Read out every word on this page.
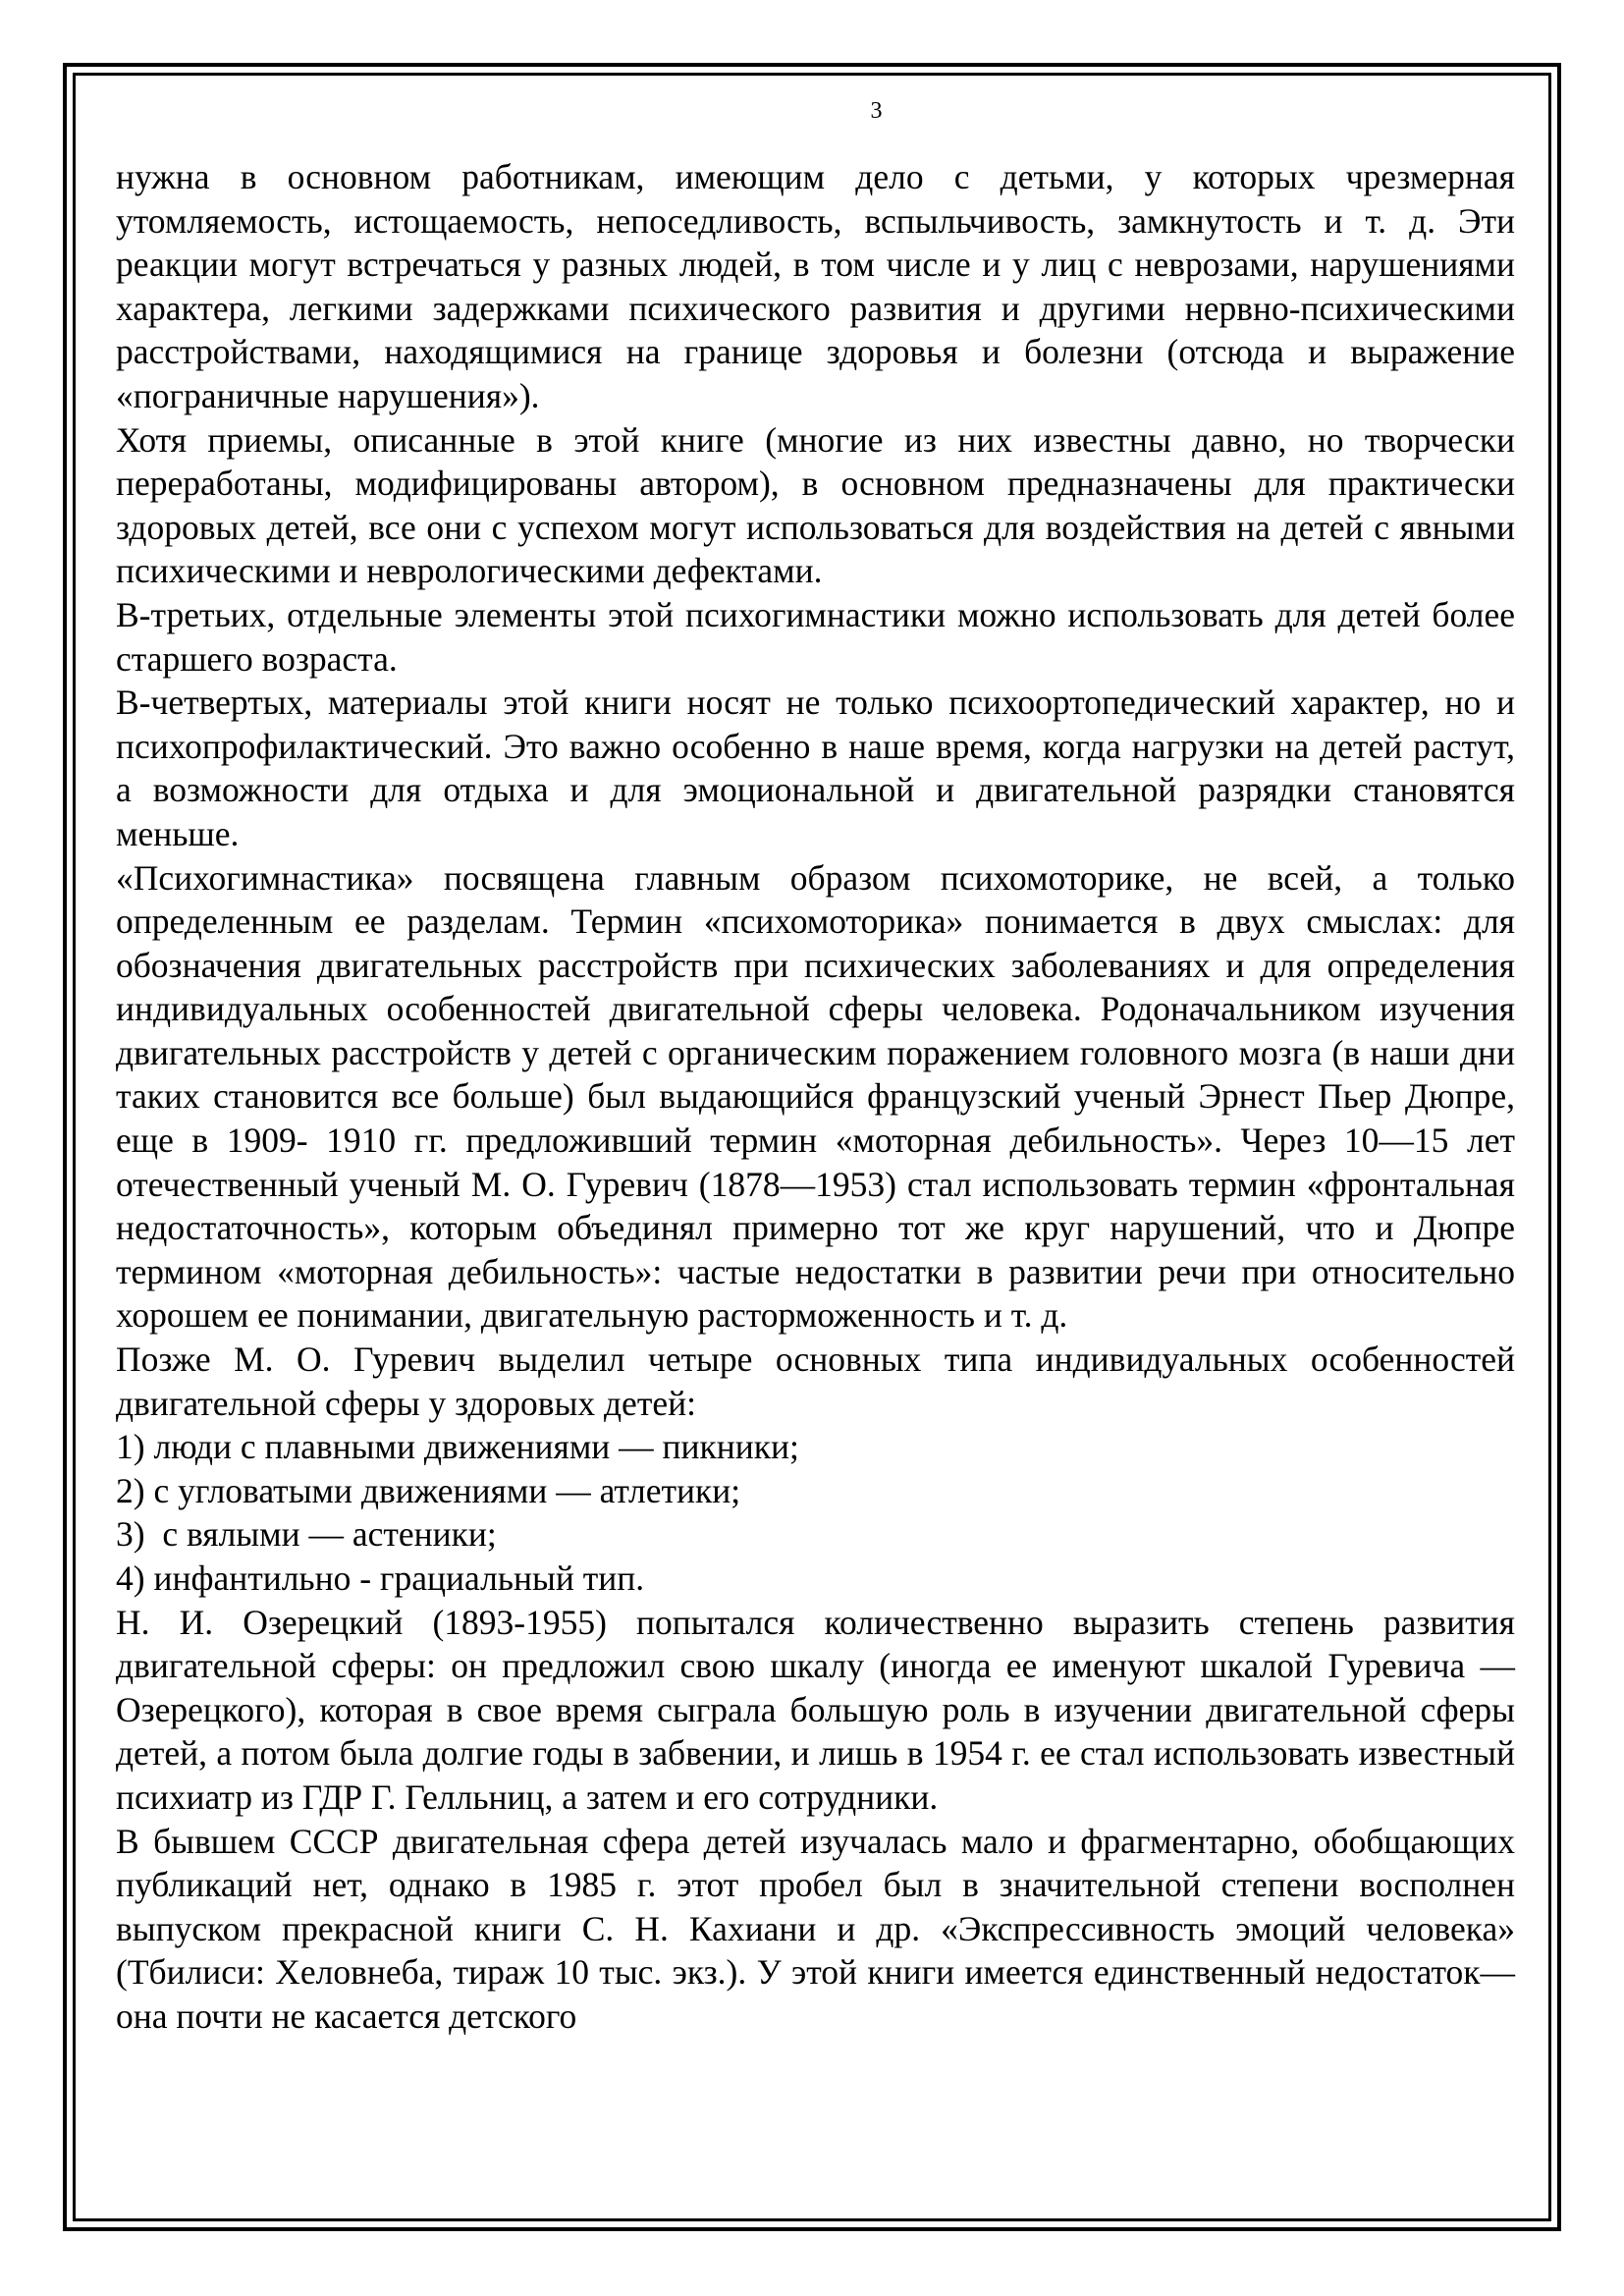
3

нужна в основном работникам, имеющим дело с детьми, у которых чрезмерная утомляемость, истощаемость, непоседливость, вспыльчивость, замкнутость и т. д. Эти реакции могут встречаться у разных людей, в том числе и у лиц с неврозами, нарушениями характера, легкими задержками психического развития и другими нервно-психическими расстройствами, находящимися на границе здоровья и болезни (отсюда и выражение «пограничные нарушения»).

Хотя приемы, описанные в этой книге (многие из них известны давно, но творчески переработаны, модифицированы автором), в основном предназначены для практически здоровых детей, все они с успехом могут использоваться для воздействия на детей с явными психическими и неврологическими дефектами.

В-третьих, отдельные элементы этой психогимнастики можно использовать для детей более старшего возраста.

В-четвертых, материалы этой книги носят не только психоортопедический характер, но и психопрофилактический. Это важно особенно в наше время, когда нагрузки на детей растут, а возможности для отдыха и для эмоциональной и двигательной разрядки становятся меньше.

«Психогимнастика» посвящена главным образом психомоторике, не всей, а только определенным ее разделам. Термин «психомоторика» понимается в двух смыслах: для обозначения двигательных расстройств при психических заболеваниях и для определения индивидуальных особенностей двигательной сферы человека. Родоначальником изучения двигательных расстройств у детей с органическим поражением головного мозга (в наши дни таких становится все больше) был выдающийся французский ученый Эрнест Пьер Дюпре, еще в 1909- 1910 гг. предложивший термин «моторная дебильность». Через 10—15 лет отечественный ученый М. О. Гуревич (1878—1953) стал использовать термин «фронтальная недостаточность», которым объединял примерно тот же круг нарушений, что и Дюпре термином «моторная дебильность»: частые недостатки в развитии речи при относительно хорошем ее понимании, двигательную расторможенность и т. д.

Позже М. О. Гуревич выделил четыре основных типа индивидуальных особенностей двигательной сферы у здоровых детей:

1) люди с плавными движениями — пикники;

2) с угловатыми движениями — атлетики;

3)  с вялыми — астеники;

4) инфантильно - грациальный тип.

Н. И. Озерецкий (1893-1955) попытался количественно выразить степень развития двигательной сферы: он предложил свою шкалу (иногда ее именуют шкалой Гуревича — Озерецкого), которая в свое время сыграла большую роль в изучении двигательной сферы детей, а потом была долгие годы в забвении, и лишь в 1954 г. ее стал использовать известный психиатр из ГДР Г. Гелльниц, а затем и его сотрудники.

В бывшем СССР двигательная сфера детей изучалась мало и фрагментарно, обобщающих публикаций нет, однако в 1985 г. этот пробел был в значительной степени восполнен выпуском прекрасной книги С. Н. Кахиани и др. «Экспрессивность эмоций человека» (Тбилиси: Хеловнеба, тираж 10 тыс. экз.). У этой книги имеется единственный недостаток—она почти не касается детского
